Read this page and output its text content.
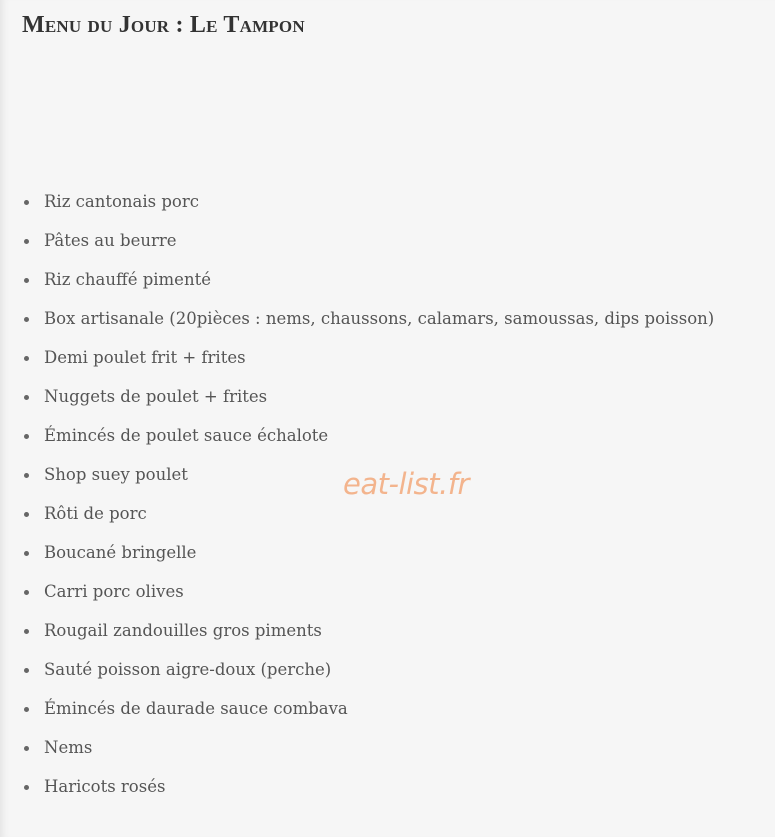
Menu du Jour : Le Tampon
Riz cantonais porc
Pâtes au beurre
Riz chauffé pimenté
Box artisanale (20pièces : nems, chaussons, calamars, samoussas, dips poisson)
Demi poulet frit + frites
Nuggets de poulet + frites
Émincés de poulet sauce échalote
Shop suey poulet
Rôti de porc
Boucané bringelle
Carri porc olives
Rougail zandouilles gros piments
Sauté poisson aigre-doux (perche)
Émincés de daurade sauce combava
Nems
Haricots rosés
eat-list.fr
